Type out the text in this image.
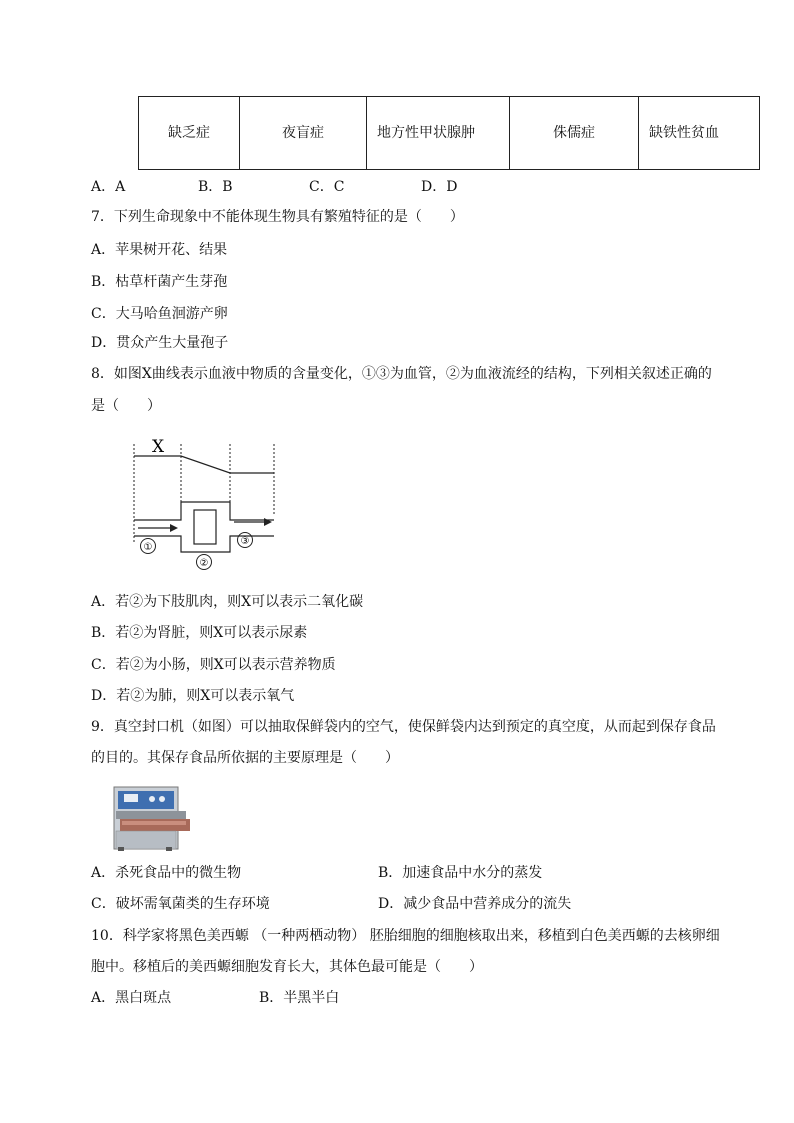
缺乏症	夜盲症	地方性甲状腺肿	侏儒症	缺铁性贫血
A．A	B．B	C．C	D．D
7．下列生命现象中不能体现生物具有繁殖特征的是（　　）
A．苹果树开花、结果
B．枯草杆菌产生芽孢
C．大马哈鱼洄游产卵
D．贯众产生大量孢子
8．如图Ⅹ曲线表示血液中物质的含量变化，①③为血管，②为血液流经的结构，下列相关叙述正确的
是（　　）
X
①
②
③
A．若②为下肢肌肉，则Ⅹ可以表示二氧化碳
B．若②为肾脏，则Ⅹ可以表示尿素
C．若②为小肠，则Ⅹ可以表示营养物质
D．若②为肺，则Ⅹ可以表示氧气
9．真空封口机（如图）可以抽取保鲜袋内的空气，使保鲜袋内达到预定的真空度，从而起到保存食品
的目的。其保存食品所依据的主要原理是（　　）
A．杀死食品中的微生物	B．加速食品中水分的蒸发
C．破坏需氧菌类的生存环境	D．减少食品中营养成分的流失
10．科学家将黑色美西螈 （一种两栖动物） 胚胎细胞的细胞核取出来，移植到白色美西螈的去核卵细
胞中。移植后的美西螈细胞发育长大，其体色最可能是（　　）
A．黑白斑点	B．半黑半白
